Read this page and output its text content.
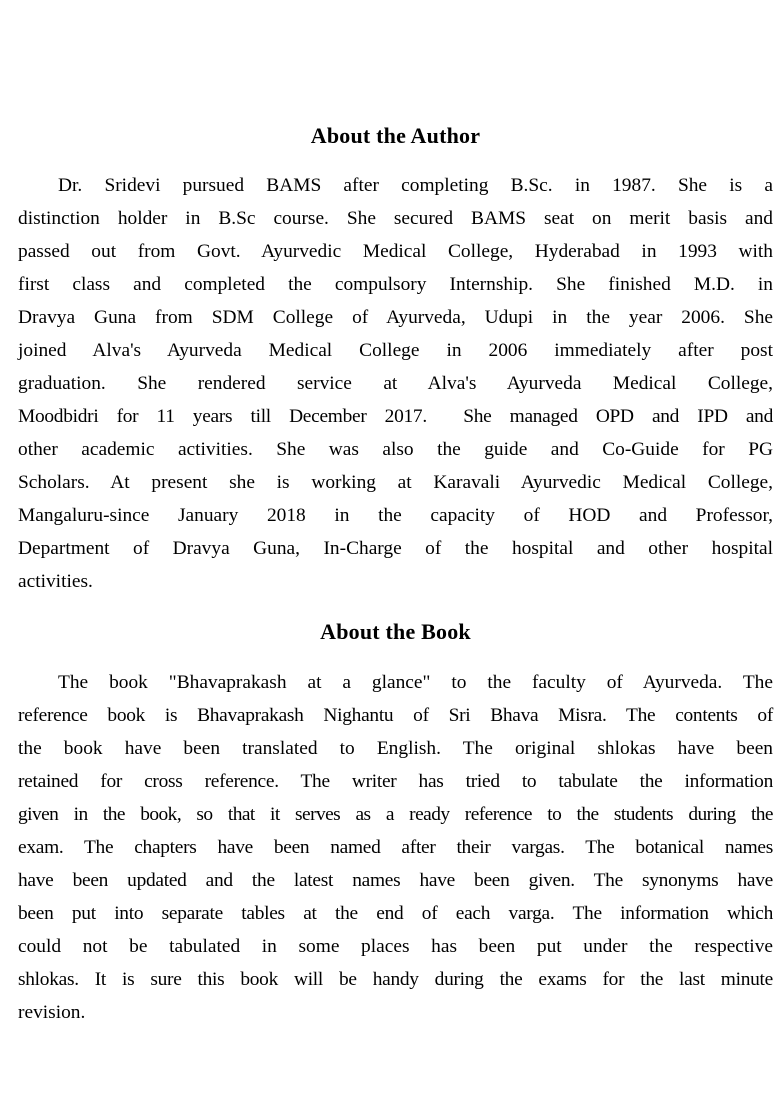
About the Author
Dr. Sridevi pursued BAMS after completing B.Sc. in 1987. She is a
distinction holder in B.Sc course. She secured BAMS seat on merit basis and
passed out from Govt. Ayurvedic Medical College, Hyderabad in 1993 with
first class and completed the compulsory Internship. She finished M.D. in
Dravya Guna from SDM College of Ayurveda, Udupi in the year 2006. She
joined Alva's Ayurveda Medical College in 2006 immediately after post
graduation. She rendered service at Alva's Ayurveda Medical College,
Moodbidri for 11 years till December 2017.  She managed OPD and IPD and
other academic activities. She was also the guide and Co-Guide for PG
Scholars. At present she is working at Karavali Ayurvedic Medical College,
Mangaluru-since January 2018 in the capacity of HOD and Professor,
Department of Dravya Guna, In-Charge of the hospital and other hospital
activities.
About the Book
The book "Bhavaprakash at a glance" to the faculty of Ayurveda. The
reference book is Bhavaprakash Nighantu of Sri Bhava Misra. The contents of
the book have been translated to English. The original shlokas have been
retained for cross reference. The writer has tried to tabulate the information
given in the book, so that it serves as a ready reference to the students during the
exam. The chapters have been named after their vargas. The botanical names
have been updated and the latest names have been given. The synonyms have
been put into separate tables at the end of each varga. The information which
could not be tabulated in some places has been put under the respective
shlokas. It is sure this book will be handy during the exams for the last minute
revision.
